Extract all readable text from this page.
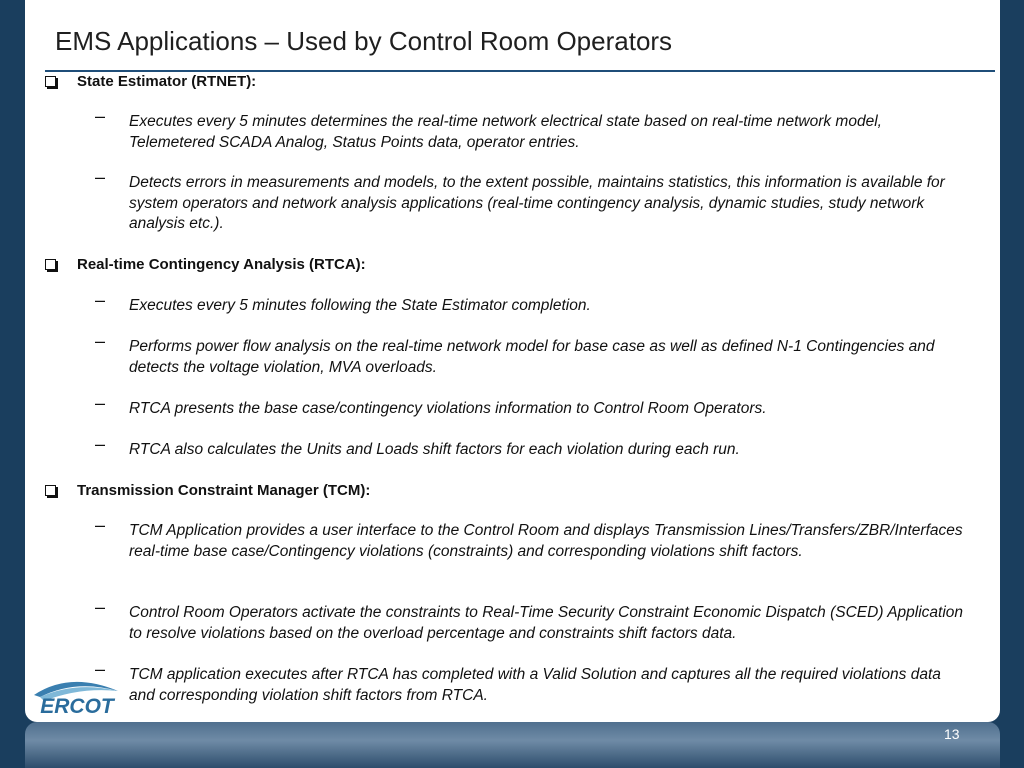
EMS Applications – Used by Control Room Operators
State Estimator (RTNET):
– Executes every 5 minutes determines the real-time network electrical state based on real-time network model, Telemetered SCADA Analog, Status Points data, operator entries.
– Detects errors in measurements and models, to the extent possible, maintains statistics, this information is available for system operators and network analysis applications (real-time contingency analysis, dynamic studies, study network analysis etc.).
Real-time Contingency Analysis (RTCA):
– Executes every 5 minutes following the State Estimator completion.
– Performs power flow analysis on the real-time network model for base case as well as defined N-1 Contingencies and detects the voltage violation, MVA overloads.
– RTCA presents the base case/contingency violations information to Control Room Operators.
– RTCA also calculates the Units and Loads shift factors for each violation during each run.
Transmission Constraint Manager (TCM):
– TCM Application provides a user interface to the Control Room and displays Transmission Lines/Transfers/ZBR/Interfaces real-time base case/Contingency violations (constraints) and corresponding violations shift factors.
– Control Room Operators activate the constraints to Real-Time Security Constraint Economic Dispatch (SCED) Application to resolve violations based on the overload percentage and constraints shift factors data.
– TCM application executes after RTCA has completed with a Valid Solution and captures all the required violations data and corresponding violation shift factors from RTCA.
ERCOT
13
